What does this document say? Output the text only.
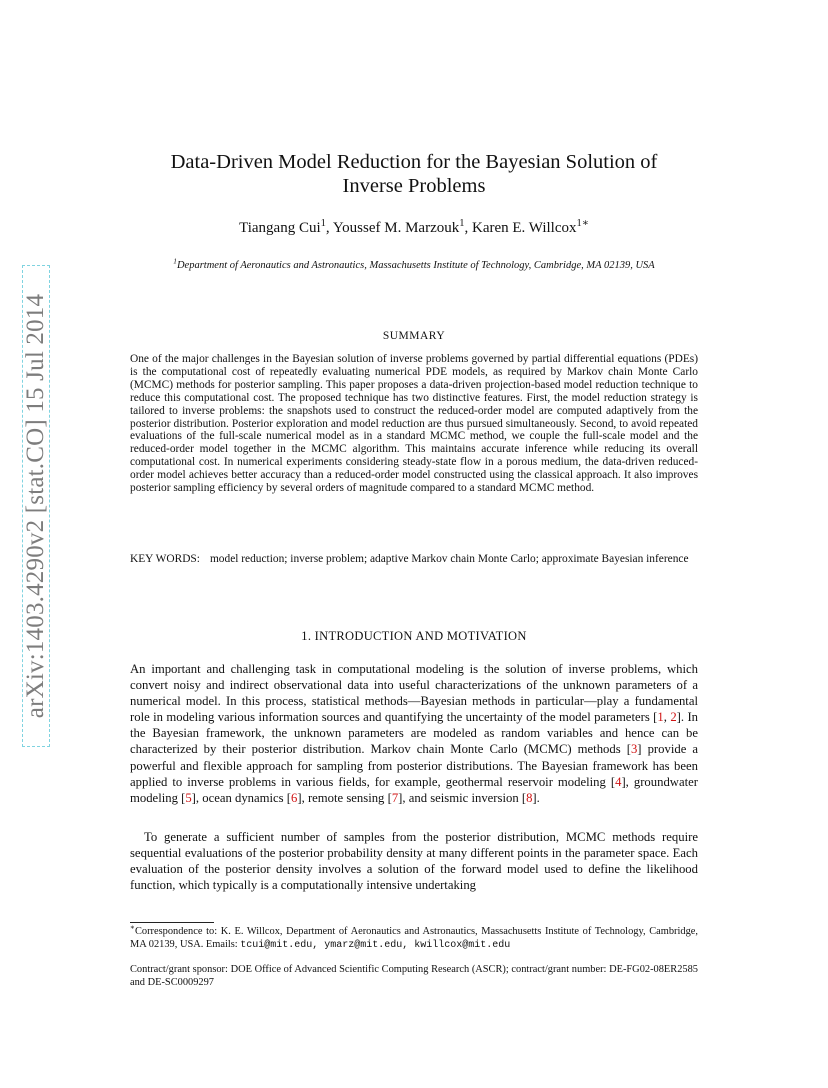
arXiv:1403.4290v2 [stat.CO] 15 Jul 2014
Data-Driven Model Reduction for the Bayesian Solution of
Inverse Problems
Tiangang Cui$^1$, Youssef M. Marzouk$^1$, Karen E. Willcox$^{1∗}$
$^1$Department of Aeronautics and Astronautics, Massachusetts Institute of Technology, Cambridge, MA 02139, USA
SUMMARY
One of the major challenges in the Bayesian solution of inverse problems governed by partial differential equations (PDEs) is the computational cost of repeatedly evaluating numerical PDE models, as required by Markov chain Monte Carlo (MCMC) methods for posterior sampling. This paper proposes a data-driven projection-based model reduction technique to reduce this computational cost. The proposed technique has two distinctive features. First, the model reduction strategy is tailored to inverse problems: the snapshots used to construct the reduced-order model are computed adaptively from the posterior distribution. Posterior exploration and model reduction are thus pursued simultaneously. Second, to avoid repeated evaluations of the full-scale numerical model as in a standard MCMC method, we couple the full-scale model and the reduced-order model together in the MCMC algorithm. This maintains accurate inference while reducing its overall computational cost. In numerical experiments considering steady-state flow in a porous medium, the data-driven reduced-order model achieves better accuracy than a reduced-order model constructed using the classical approach. It also improves posterior sampling efficiency by several orders of magnitude compared to a standard MCMC method.
KEY WORDS: model reduction; inverse problem; adaptive Markov chain Monte Carlo; approximate Bayesian inference
1. INTRODUCTION AND MOTIVATION
An important and challenging task in computational modeling is the solution of inverse problems, which convert noisy and indirect observational data into useful characterizations of the unknown parameters of a numerical model. In this process, statistical methods—Bayesian methods in particular—play a fundamental role in modeling various information sources and quantifying the uncertainty of the model parameters [1, 2]. In the Bayesian framework, the unknown parameters are modeled as random variables and hence can be characterized by their posterior distribution. Markov chain Monte Carlo (MCMC) methods [3] provide a powerful and flexible approach for sampling from posterior distributions. The Bayesian framework has been applied to inverse problems in various fields, for example, geothermal reservoir modeling [4], groundwater modeling [5], ocean dynamics [6], remote sensing [7], and seismic inversion [8].
To generate a sufficient number of samples from the posterior distribution, MCMC methods require sequential evaluations of the posterior probability density at many different points in the parameter space. Each evaluation of the posterior density involves a solution of the forward model used to define the likelihood function, which typically is a computationally intensive undertaking
∗Correspondence to: K. E. Willcox, Department of Aeronautics and Astronautics, Massachusetts Institute of Technology, Cambridge, MA 02139, USA. Emails: tcui@mit.edu, ymarz@mit.edu, kwillcox@mit.edu
Contract/grant sponsor: DOE Office of Advanced Scientific Computing Research (ASCR); contract/grant number: DE-FG02-08ER2585 and DE-SC0009297
